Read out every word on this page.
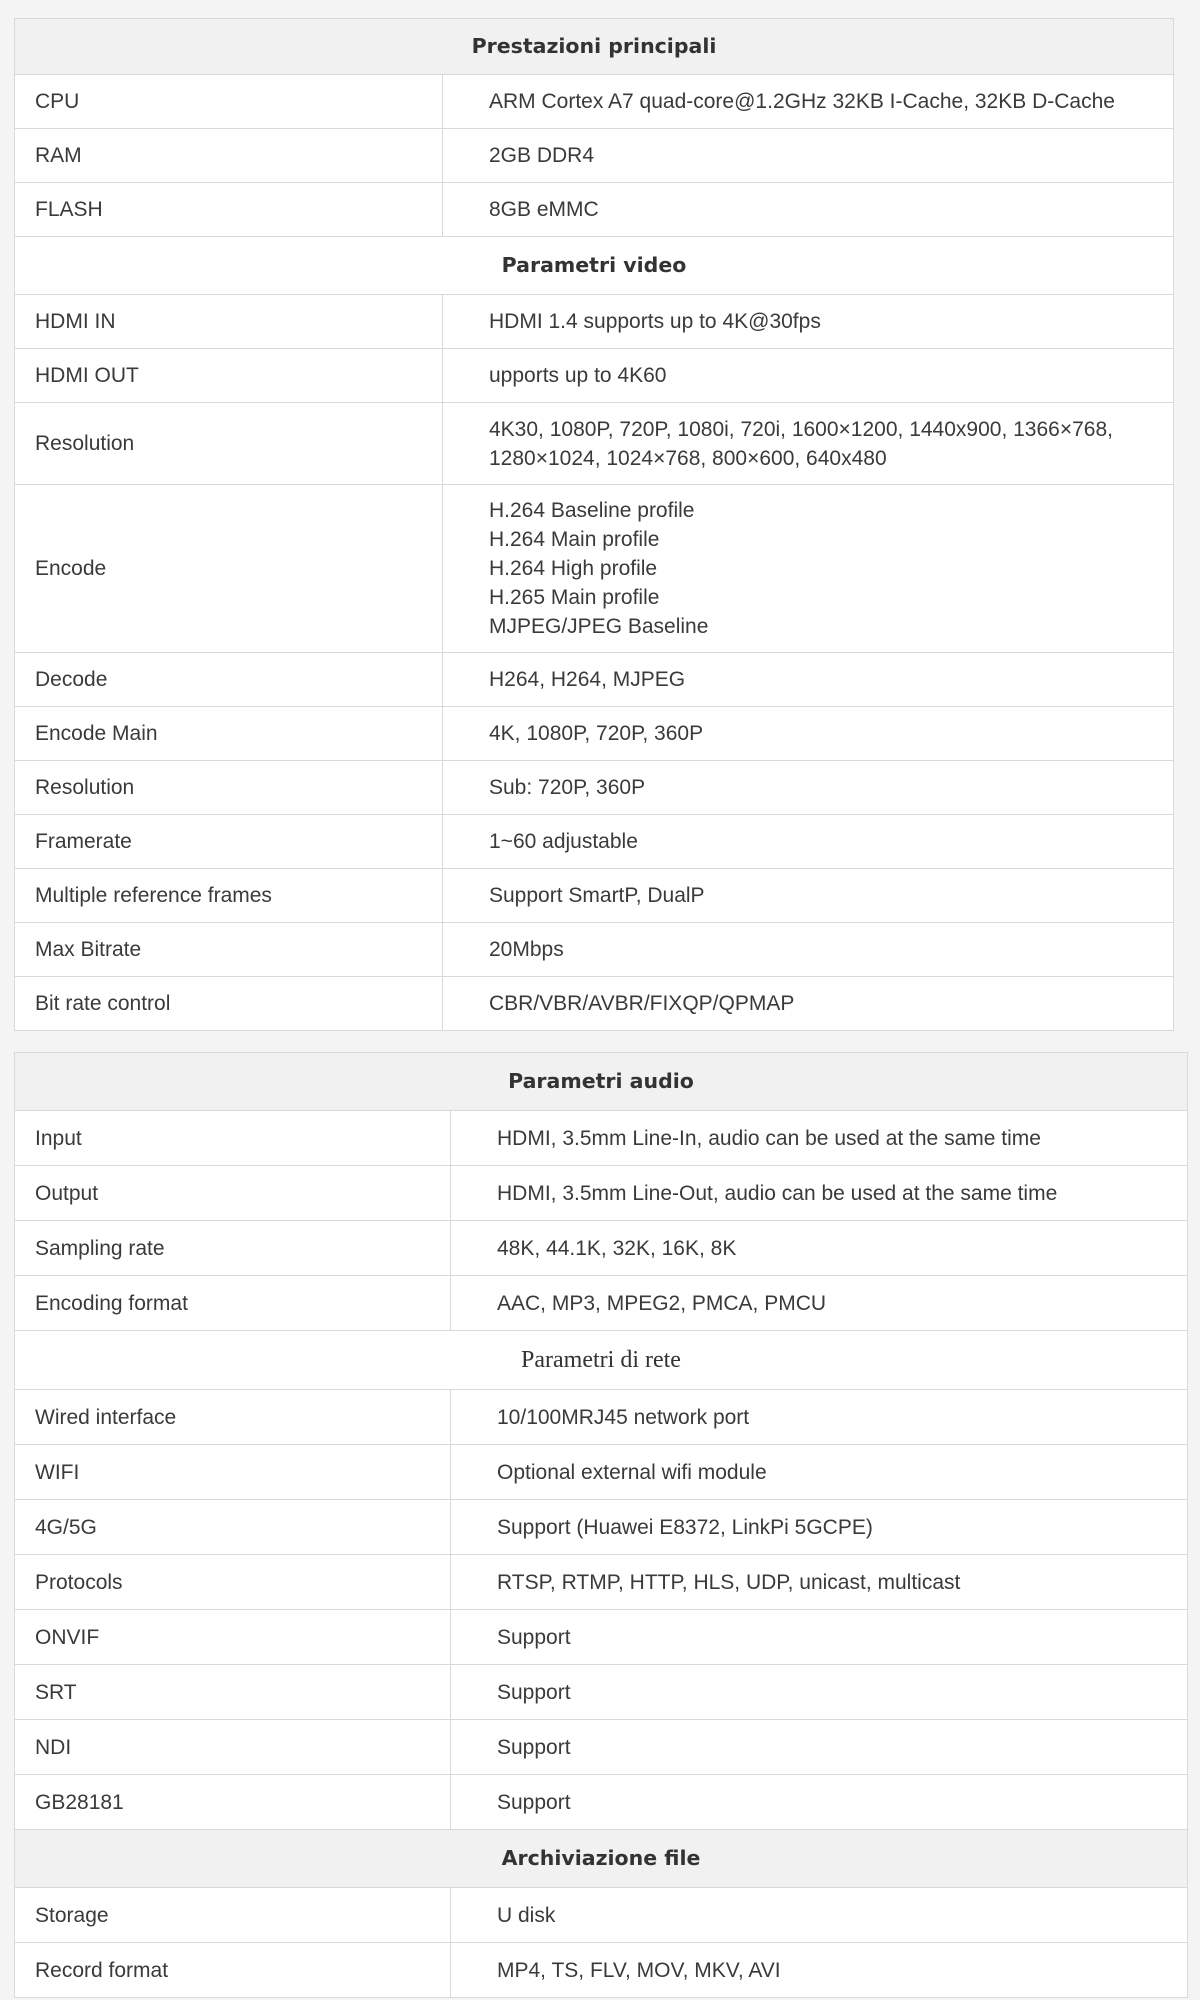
Prestazioni principali	
CPU	ARM Cortex A7 quad-core@1.2GHz 32KB I-Cache, 32KB D-Cache

RAM	2GB DDR4

FLASH	8GB eMMC

Parametri video	
HDMI IN	HDMI 1.4 supports up to 4K@30fps

HDMI OUT	upports up to 4K60

Resolution	4K30, 1080P, 720P, 1080i, 720i, 1600×1200, 1440x900, 1366×768,
1280×1024, 1024×768, 800×600, 640x480

Encode	H.264 Baseline profile
H.264 Main profile
H.264 High profile
H.265 Main profile
MJPEG/JPEG Baseline

Decode	H264, H264, MJPEG

Encode Main	4K, 1080P, 720P, 360P

Resolution	Sub: 720P, 360P

Framerate	1~60 adjustable

Multiple reference frames	Support SmartP, DualP

Max Bitrate	20Mbps

Bit rate control	CBR/VBR/AVBR/FIXQP/QPMAP
Parametri audio	
Input	HDMI, 3.5mm Line-In, audio can be used at the same time

Output	HDMI, 3.5mm Line-Out, audio can be used at the same time

Sampling rate	48K, 44.1K, 32K, 16K, 8K

Encoding format	AAC, MP3, MPEG2, PMCA, PMCU

Parametri di rete	
Wired interface	10/100MRJ45 network port

WIFI	Optional external wifi module

4G/5G	Support (Huawei E8372, LinkPi 5GCPE)

Protocols	RTSP, RTMP, HTTP, HLS, UDP, unicast, multicast

ONVIF	Support

SRT	Support

NDI	Support

GB28181	Support

Archiviazione file	
Storage	U disk

Record format	MP4, TS, FLV, MOV, MKV, AVI
